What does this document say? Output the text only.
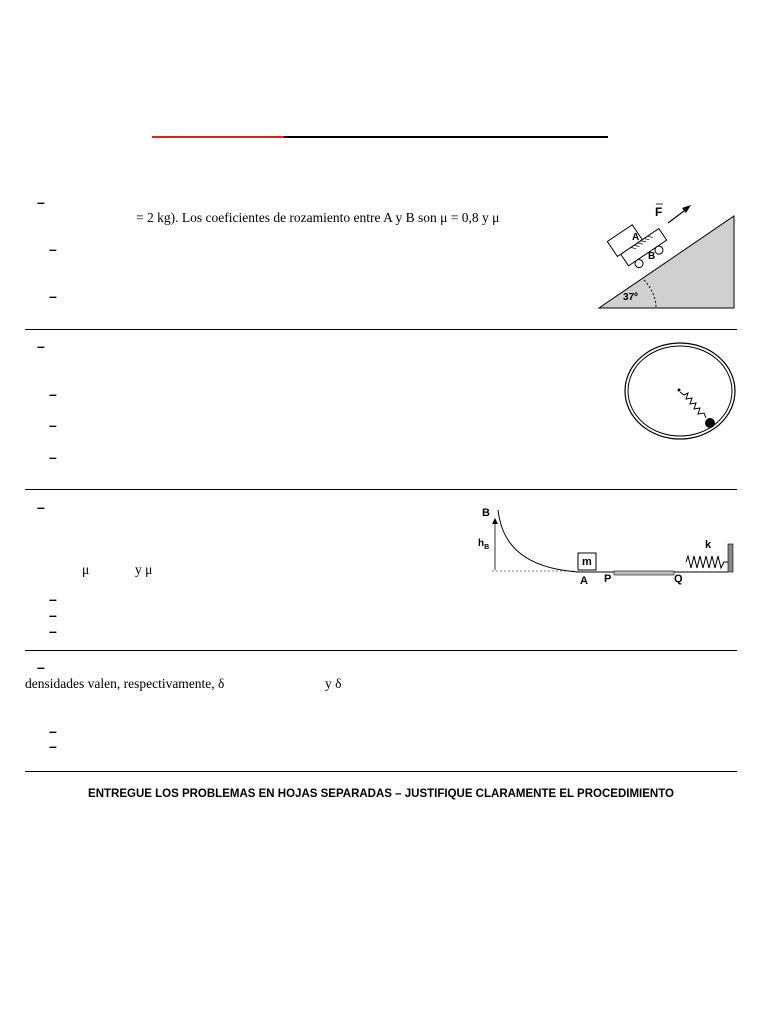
–
= 2 kg). Los coeficientes de rozamiento entre A y B son μ = 0,8 y μ
–
–	37º
A
B
F
–
–
–
–
–
μ	y μ
–
–
–
B
$h_B$
m
A P	Q
k
–
densidades valen, respectivamente, δ	y δ
–
–
ENTREGUE LOS PROBLEMAS EN HOJAS SEPARADAS – JUSTIFIQUE CLARAMENTE EL PROCEDIMIENTO
